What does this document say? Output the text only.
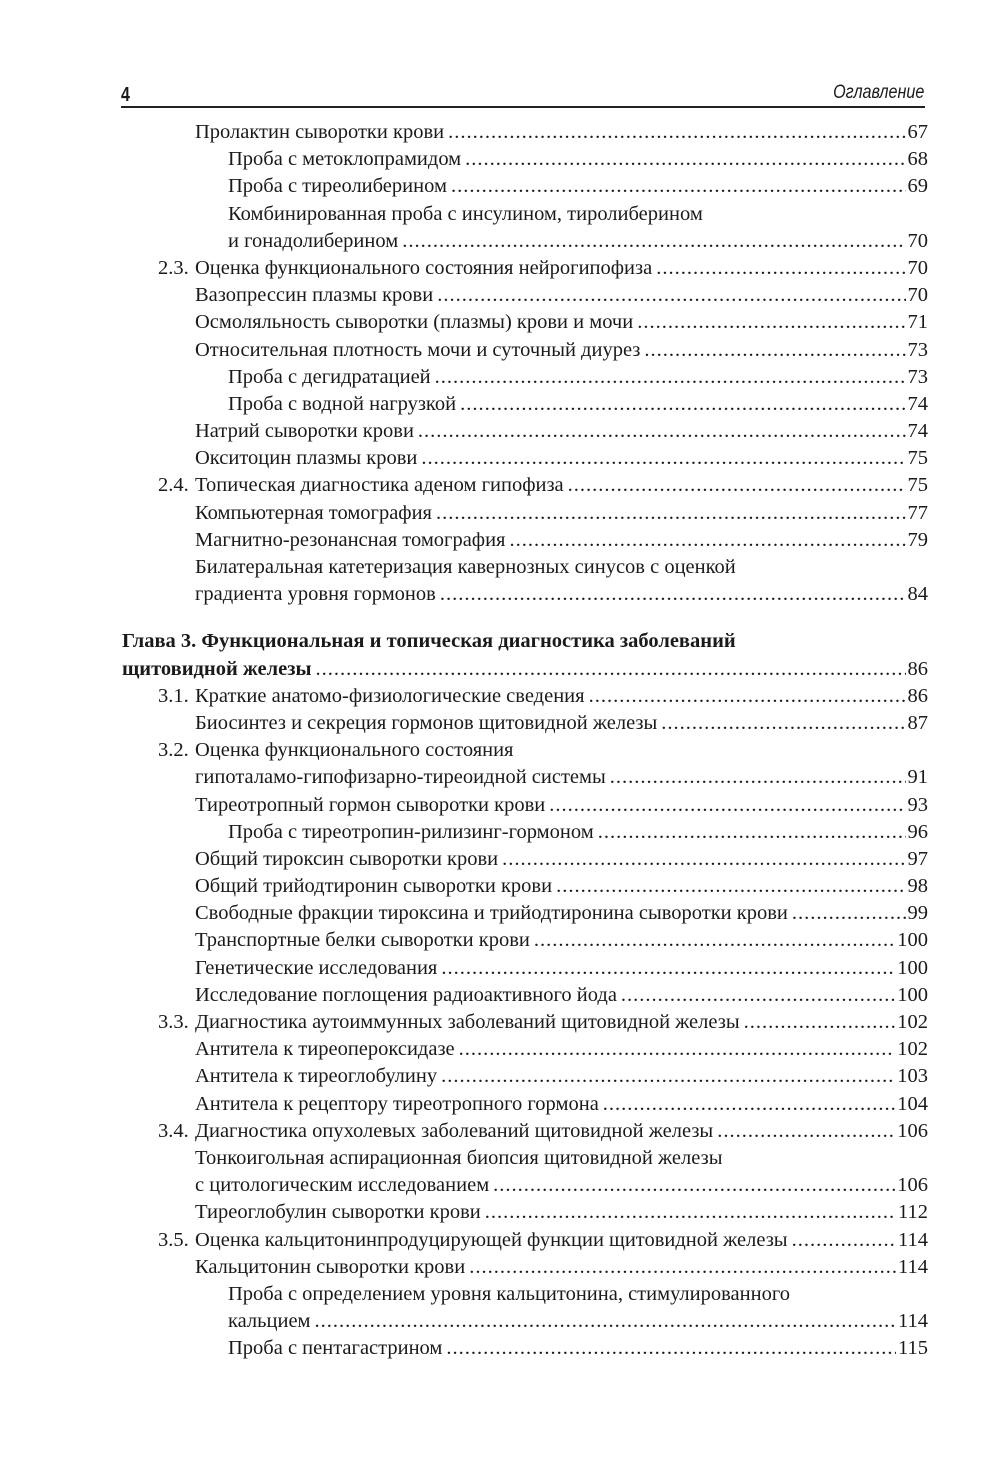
4	Оглавление
Пролактин сыворотки крови .....	67
Проба с метоклопрамидом .....	68
Проба с тиреолиберином .....	69
Комбинированная проба с инсулином, тиролиберином
и гонадолиберином .....	70
2.3. Оценка функционального состояния нейрогипофиза .....	70
Вазопрессин плазмы крови .....	70
Осмоляльность сыворотки (плазмы) крови и мочи .....	71
Относительная плотность мочи и суточный диурез .....	73
Проба с дегидратацией .....	73
Проба с водной нагрузкой .....	74
Натрий сыворотки крови .....	74
Окситоцин плазмы крови .....	75
2.4. Топическая диагностика аденом гипофиза .....	75
Компьютерная томография .....	77
Магнитно-резонансная томография .....	79
Билатеральная катетеризация кавернозных синусов с оценкой
градиента уровня гормонов .....	84
Глава 3. Функциональная и топическая диагностика заболеваний
щитовидной железы .....	86
3.1. Краткие анатомо-физиологические сведения .....	86
Биосинтез и секреция гормонов щитовидной железы .....	87
3.2. Оценка функционального состояния
гипоталамо-гипофизарно-тиреоидной системы .....	91
Тиреотропный гормон сыворотки крови .....	93
Проба с тиреотропин-рилизинг-гормоном .....	96
Общий тироксин сыворотки крови .....	97
Общий трийодтиронин сыворотки крови .....	98
Свободные фракции тироксина и трийодтиронина сыворотки крови .....	99
Транспортные белки сыворотки крови .....	100
Генетические исследования .....	100
Исследование поглощения радиоактивного йода .....	100
3.3. Диагностика аутоиммунных заболеваний щитовидной железы .....	102
Антитела к тиреопероксидазе .....	102
Антитела к тиреоглобулину .....	103
Антитела к рецептору тиреотропного гормона .....	104
3.4. Диагностика опухолевых заболеваний щитовидной железы .....	106
Тонкоигольная аспирационная биопсия щитовидной железы
с цитологическим исследованием .....	106
Тиреоглобулин сыворотки крови .....	112
3.5. Оценка кальцитонинпродуцирующей функции щитовидной железы .....	114
Кальцитонин сыворотки крови .....	114
Проба с определением уровня кальцитонина, стимулированного
кальцием .....	114
Проба с пентагастрином .....	115
